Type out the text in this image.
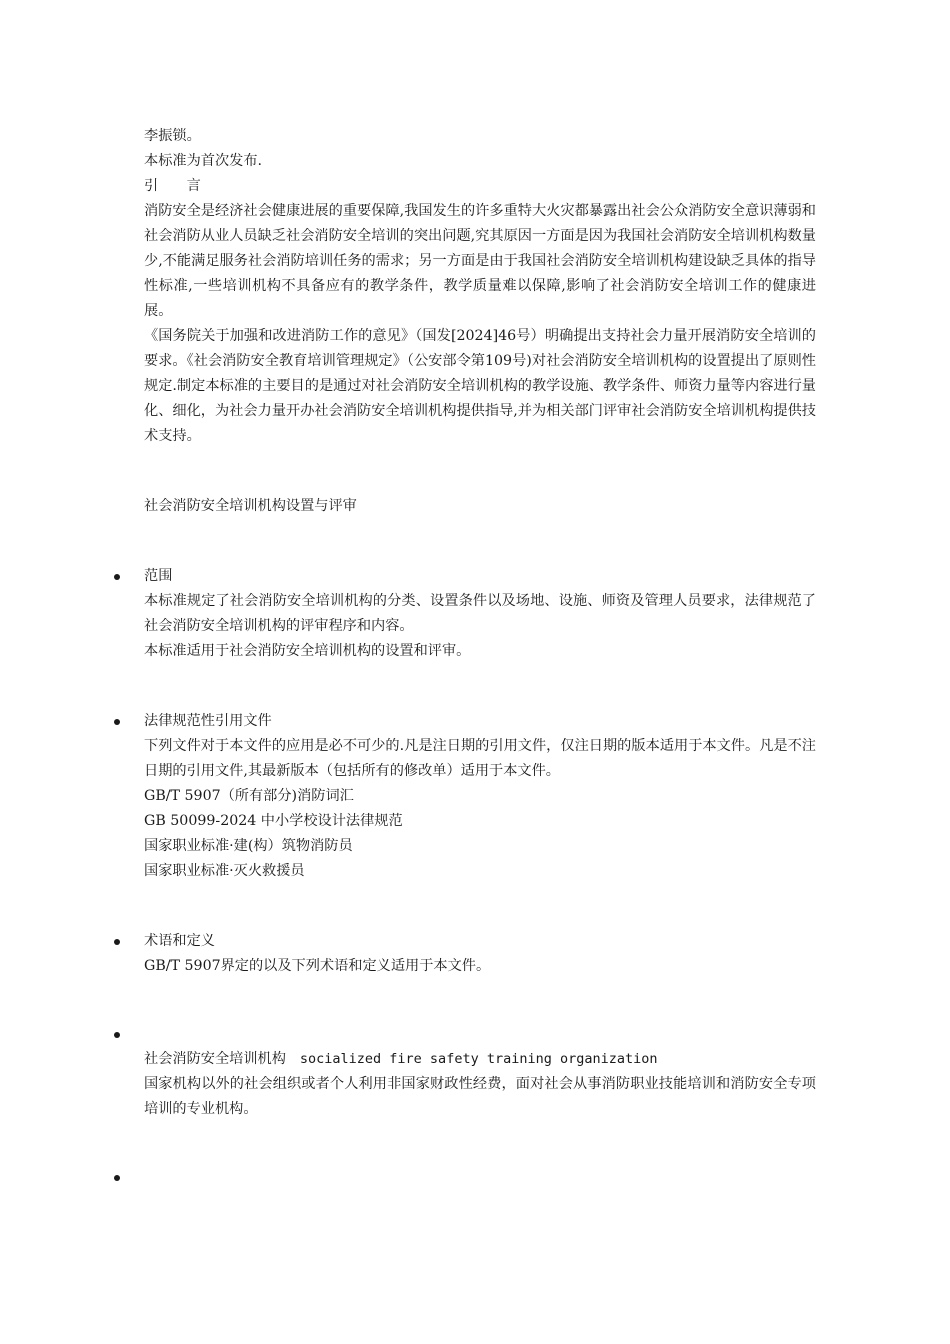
李振锁。

本标准为首次发布.

引　　言

消防安全是经济社会健康进展的重要保障,我国发生的许多重特大火灾都暴露出社会公众消防安全意识薄弱和社会消防从业人员缺乏社会消防安全培训的突出问题,究其原因一方面是因为我国社会消防安全培训机构数量少,不能满足服务社会消防培训任务的需求；另一方面是由于我国社会消防安全培训机构建设缺乏具体的指导性标准,一些培训机构不具备应有的教学条件，教学质量难以保障,影响了社会消防安全培训工作的健康进展。

《国务院关于加强和改进消防工作的意见》（国发[2024]46号）明确提出支持社会力量开展消防安全培训的要求。《社会消防安全教育培训管理规定》（公安部令第109号)对社会消防安全培训机构的设置提出了原则性规定.制定本标准的主要目的是通过对社会消防安全培训机构的教学设施、教学条件、师资力量等内容进行量化、细化，为社会力量开办社会消防安全培训机构提供指导,并为相关部门评审社会消防安全培训机构提供技术支持。

社会消防安全培训机构设置与评审

范围

本标准规定了社会消防安全培训机构的分类、设置条件以及场地、设施、师资及管理人员要求，法律规范了社会消防安全培训机构的评审程序和内容。

本标准适用于社会消防安全培训机构的设置和评审。

法律规范性引用文件

下列文件对于本文件的应用是必不可少的.凡是注日期的引用文件，仅注日期的版本适用于本文件。凡是不注日期的引用文件,其最新版本（包括所有的修改单）适用于本文件。

GB/T 5907（所有部分)消防词汇

GB 50099-2024 中小学校设计法律规范

国家职业标准·建(构）筑物消防员

国家职业标准·灭火救援员

术语和定义

GB/T 5907界定的以及下列术语和定义适用于本文件。

社会消防安全培训机构 socialized fire safety training organization

国家机构以外的社会组织或者个人利用非国家财政性经费，面对社会从事消防职业技能培训和消防安全专项培训的专业机构。
